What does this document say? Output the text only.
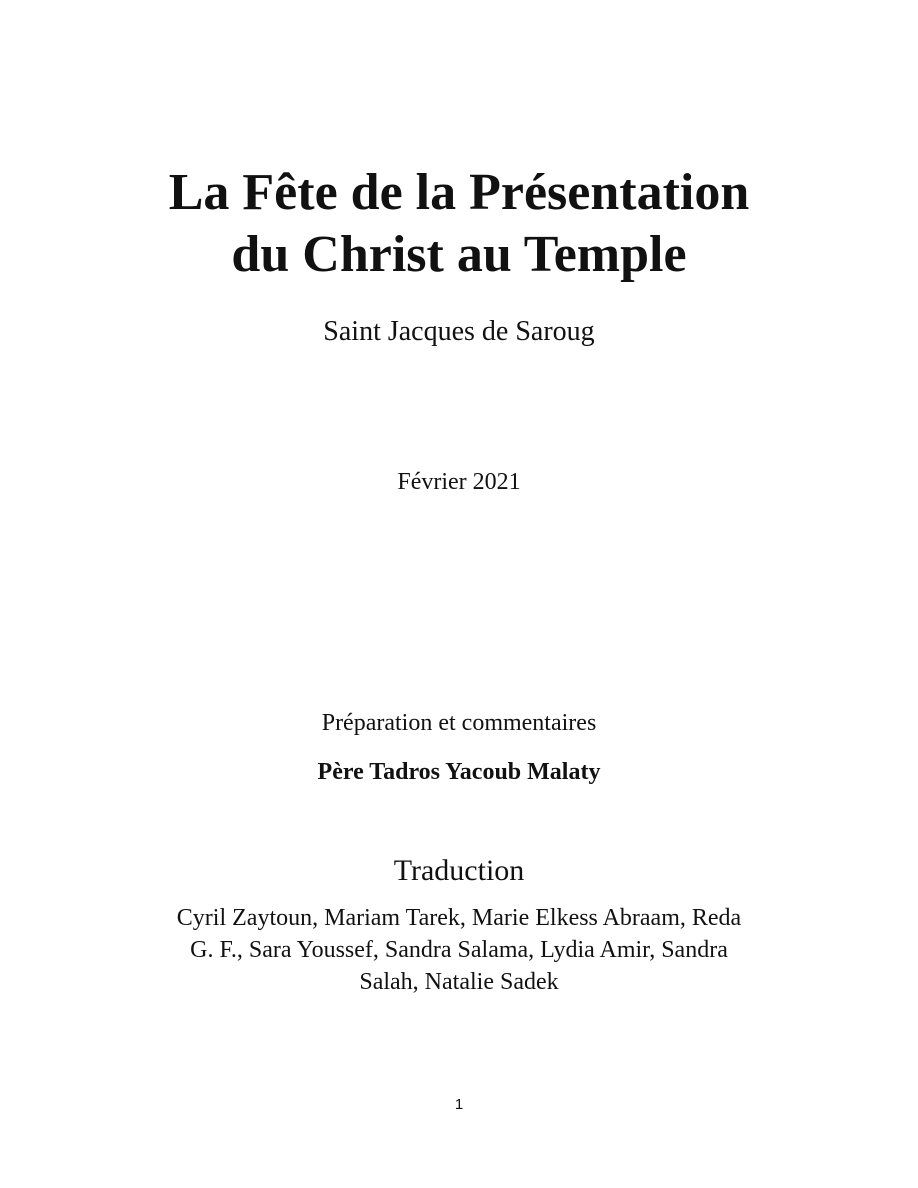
La Fête de la Présentation
du Christ au Temple
Saint Jacques de Saroug
Février 2021
Préparation et commentaires
Père Tadros Yacoub Malaty
Traduction
Cyril Zaytoun, Mariam Tarek, Marie Elkess Abraam, Reda
G. F., Sara Youssef, Sandra Salama, Lydia Amir, Sandra
Salah, Natalie Sadek
1
